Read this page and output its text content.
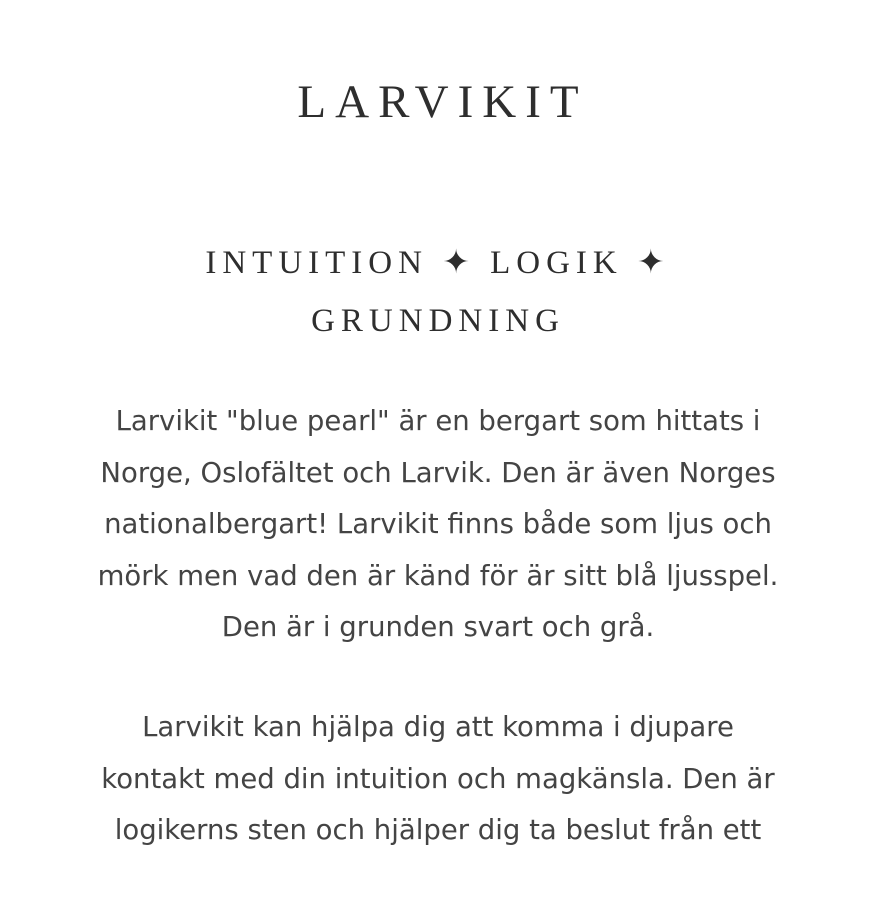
LARVIKIT
INTUITION ✦ LOGIK ✦
GRUNDNING

Larvikit "blue pearl" är en bergart som hittats i
Norge, Oslofältet och Larvik. Den är även Norges
nationalbergart! Larvikit finns både som ljus och
mörk men vad den är känd för är sitt blå ljusspel.
Den är i grunden svart och grå.

Larvikit kan hjälpa dig att komma i djupare
kontakt med din intuition och magkänsla. Den är
logikerns sten och hjälper dig ta beslut från ett
